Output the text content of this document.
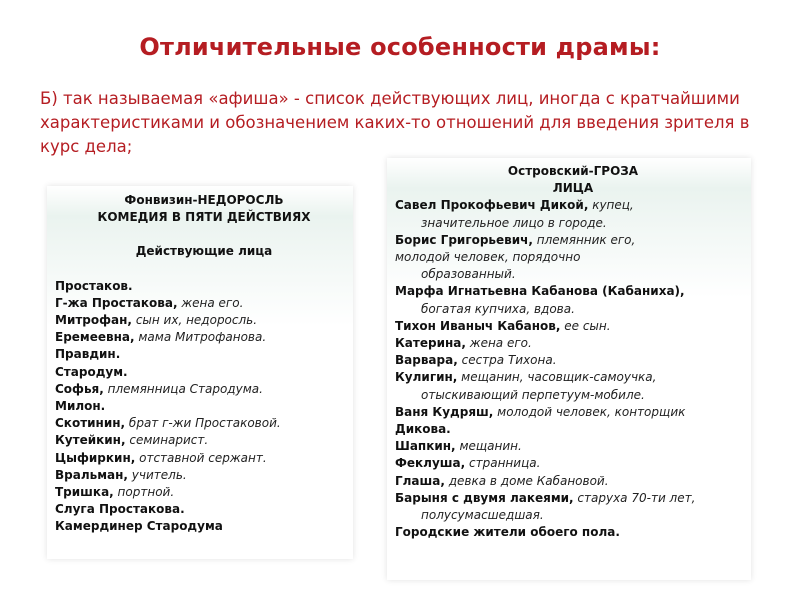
Отличительные особенности драмы:
Б) так называемая «афиша» - список действующих лиц, иногда с кратчайшими характеристиками и обозначением каких-то отношений для введения зрителя в курс дела;
Фонвизин-НЕДОРОСЛЬ
КОМЕДИЯ В ПЯТИ ДЕЙСТВИЯХ
Действующие лица
Простаков.
Г-жа Простакова, жена его.
Митрофан, сын их, недоросль.
Еремеевна, мама Митрофанова.
Правдин.
Стародум.
Софья, племянница Стародума.
Милон.
Скотинин, брат г-жи Простаковой.
Кутейкин, семинарист.
Цыфиркин, отставной сержант.
Вральман, учитель.
Тришка, портной.
Слуга Простакова.
Камердинер Стародума
Островский-ГРОЗА
ЛИЦА
Савел Прокофьевич Дикой, купец,
значительное лицо в городе.
Борис Григорьевич, племянник его,
молодой человек, порядочно
образованный.
Марфа Игнатьевна Кабанова (Кабаниха),
богатая купчиха, вдова.
Тихон Иваныч Кабанов, ее сын.
Катерина, жена его.
Варвара, сестра Тихона.
Кулигин, мещанин, часовщик-самоучка,
отыскивающий перпетуум-мобиле.
Ваня Кудряш, молодой человек, конторщик
Дикова.
Шапкин, мещанин.
Феклуша, странница.
Глаша, девка в доме Кабановой.
Барыня с двумя лакеями, старуха 70-ти лет,
полусумасшедшая.
Городские жители обоего пола.
